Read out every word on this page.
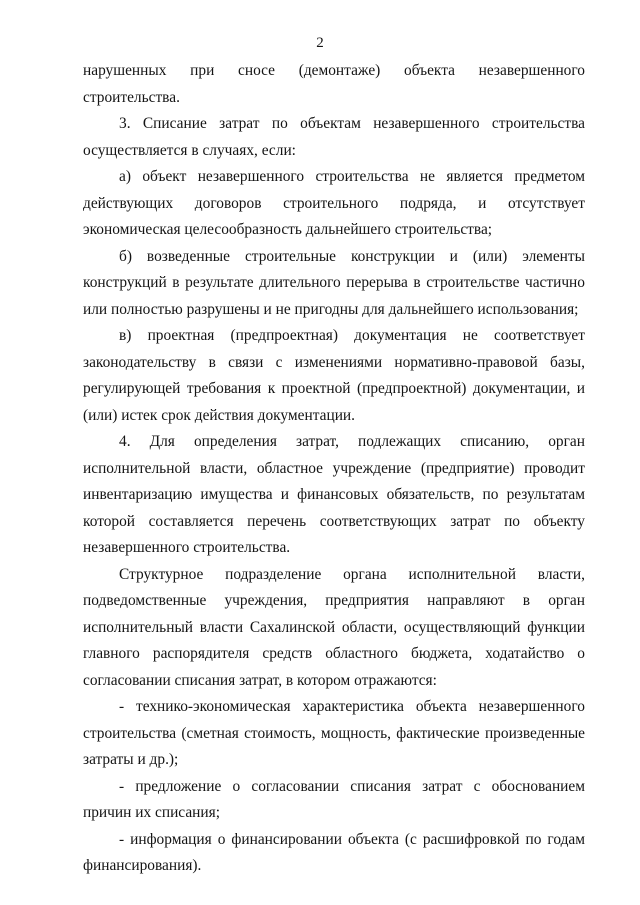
2

нарушенных при сносе (демонтаже) объекта незавершенного строительства.

3. Списание затрат по объектам незавершенного строительства осуществляется в случаях, если:

а) объект незавершенного строительства не является предметом действующих договоров строительного подряда, и отсутствует экономическая целесообразность дальнейшего строительства;

б) возведенные строительные конструкции и (или) элементы конструкций в результате длительного перерыва в строительстве частично или полностью разрушены и не пригодны для дальнейшего использования;

в) проектная (предпроектная) документация не соответствует законодательству в связи с изменениями нормативно-правовой базы, регулирующей требования к проектной (предпроектной) документации, и (или) истек срок действия документации.

4. Для определения затрат, подлежащих списанию, орган исполнительной власти, областное учреждение (предприятие) проводит инвентаризацию имущества и финансовых обязательств, по результатам которой составляется перечень соответствующих затрат по объекту незавершенного строительства.

Структурное подразделение органа исполнительной власти, подведомственные учреждения, предприятия направляют в орган исполнительный власти Сахалинской области, осуществляющий функции главного распорядителя средств областного бюджета, ходатайство о согласовании списания затрат, в котором отражаются:

- технико-экономическая характеристика объекта незавершенного строительства (сметная стоимость, мощность, фактические произведенные затраты и др.);

- предложение о согласовании списания затрат с обоснованием причин их списания;

- информация о финансировании объекта (с расшифровкой по годам финансирования).
